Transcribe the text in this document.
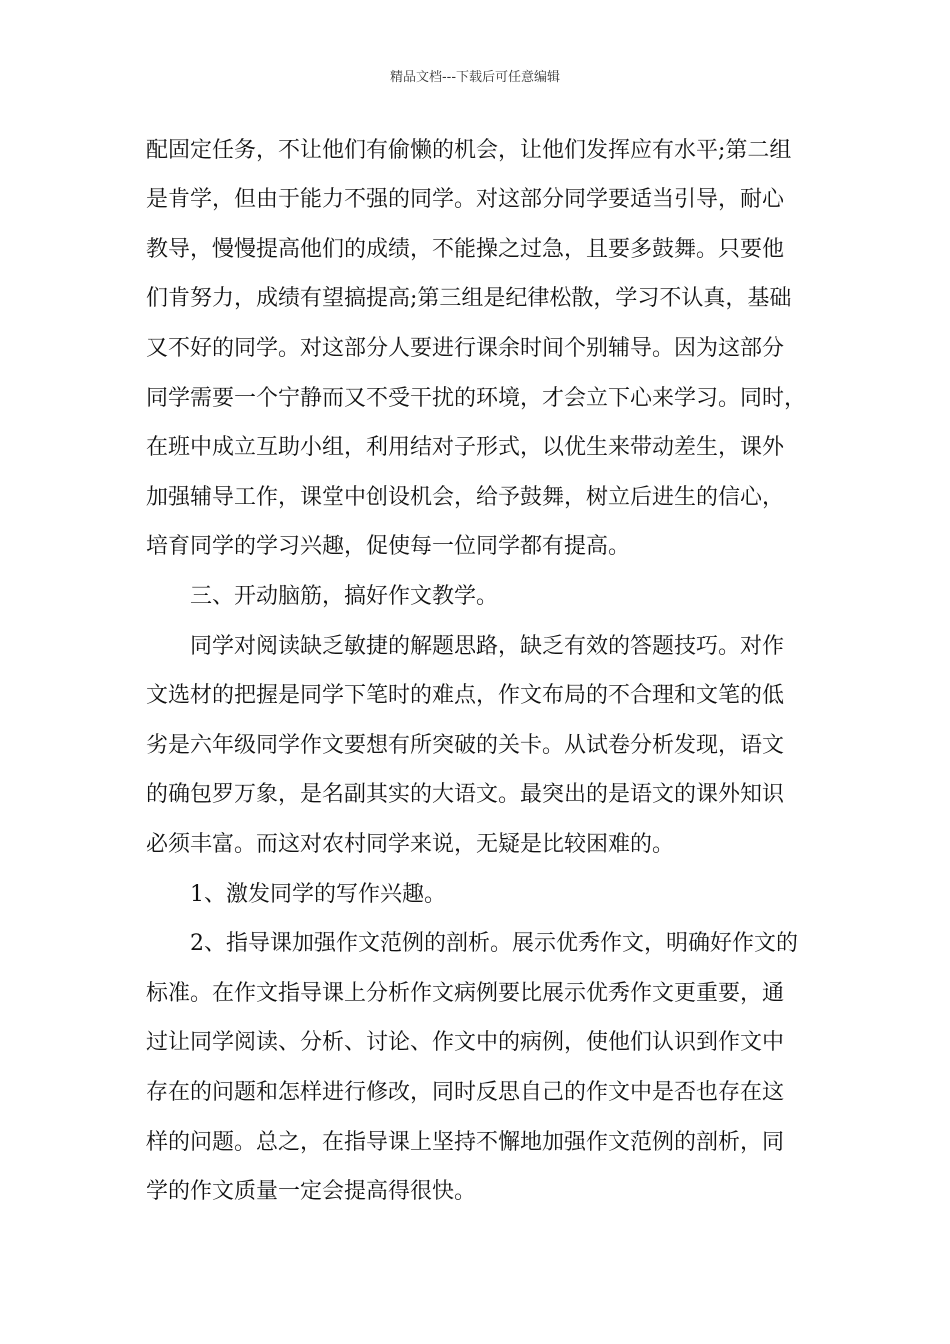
精品文档---下载后可任意编辑
配固定任务，不让他们有偷懒的机会，让他们发挥应有水平;第二组
是肯学，但由于能力不强的同学。对这部分同学要适当引导，耐心
教导，慢慢提高他们的成绩，不能操之过急，且要多鼓舞。只要他
们肯努力，成绩有望搞提高;第三组是纪律松散，学习不认真，基础
又不好的同学。对这部分人要进行课余时间个别辅导。因为这部分
同学需要一个宁静而又不受干扰的环境，才会立下心来学习。同时，
在班中成立互助小组，利用结对子形式，以优生来带动差生，课外
加强辅导工作，课堂中创设机会，给予鼓舞，树立后进生的信心，
培育同学的学习兴趣，促使每一位同学都有提高。
三、开动脑筋，搞好作文教学。
同学对阅读缺乏敏捷的解题思路，缺乏有效的答题技巧。对作
文选材的把握是同学下笔时的难点，作文布局的不合理和文笔的低
劣是六年级同学作文要想有所突破的关卡。从试卷分析发现，语文
的确包罗万象，是名副其实的大语文。最突出的是语文的课外知识
必须丰富。而这对农村同学来说，无疑是比较困难的。
1、激发同学的写作兴趣。
2、指导课加强作文范例的剖析。展示优秀作文，明确好作文的
标准。在作文指导课上分析作文病例要比展示优秀作文更重要，通
过让同学阅读、分析、讨论、作文中的病例，使他们认识到作文中
存在的问题和怎样进行修改，同时反思自己的作文中是否也存在这
样的问题。总之，在指导课上坚持不懈地加强作文范例的剖析，同
学的作文质量一定会提高得很快。
